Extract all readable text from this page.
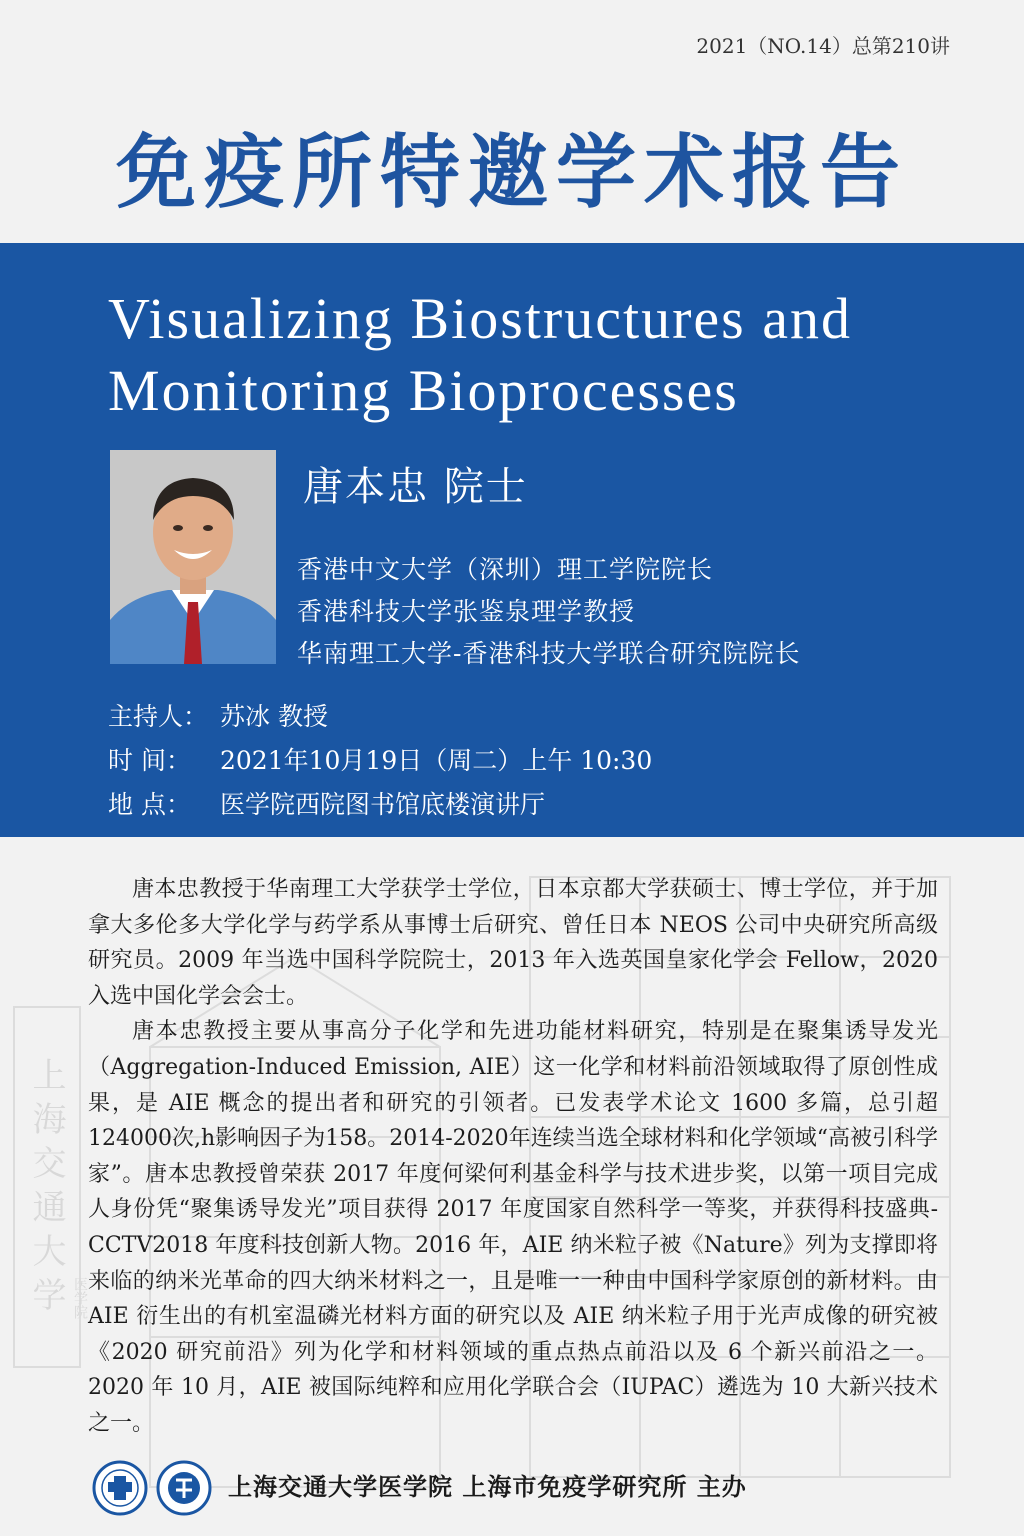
2021（NO.14）总第210讲
免疫所特邀学术报告
Visualizing Biostructures and
Monitoring Bioprocesses
唐本忠 院士
香港中文大学（深圳）理工学院院长
香港科技大学张鉴泉理学教授
华南理工大学-香港科技大学联合研究院院长
主持人： 苏冰 教授
时 间： 2021年10月19日（周二）上午 10:30
地 点： 医学院西院图书馆底楼演讲厅
上海交通大学 医学院

唐本忠教授于华南理工大学获学士学位，日本京都大学获硕士、博士学位，并于加拿大多伦多大学化学与药学系从事博士后研究、曾任日本 NEOS 公司中央研究所高级研究员。2009 年当选中国科学院院士，2013 年入选英国皇家化学会 Fellow，2020 入选中国化学会会士。

唐本忠教授主要从事高分子化学和先进功能材料研究，特别是在聚集诱导发光（Aggregation-Induced Emission, AIE）这一化学和材料前沿领域取得了原创性成果，是 AIE 概念的提出者和研究的引领者。已发表学术论文 1600 多篇，总引超124000次,h影响因子为158。2014-2020年连续当选全球材料和化学领域“高被引科学家”。唐本忠教授曾荣获 2017 年度何梁何利基金科学与技术进步奖，以第一项目完成人身份凭“聚集诱导发光”项目获得 2017 年度国家自然科学一等奖，并获得科技盛典-CCTV2018 年度科技创新人物。2016 年，AIE 纳米粒子被《Nature》列为支撑即将来临的纳米光革命的四大纳米材料之一，且是唯一一种由中国科学家原创的新材料。由 AIE 衍生出的有机室温磷光材料方面的研究以及 AIE 纳米粒子用于光声成像的研究被《2020 研究前沿》列为化学和材料领域的重点热点前沿以及 6 个新兴前沿之一。2020 年 10 月，AIE 被国际纯粹和应用化学联合会（IUPAC）遴选为 10 大新兴技术之一。

上海交通大学医学院 上海市免疫学研究所 主办
